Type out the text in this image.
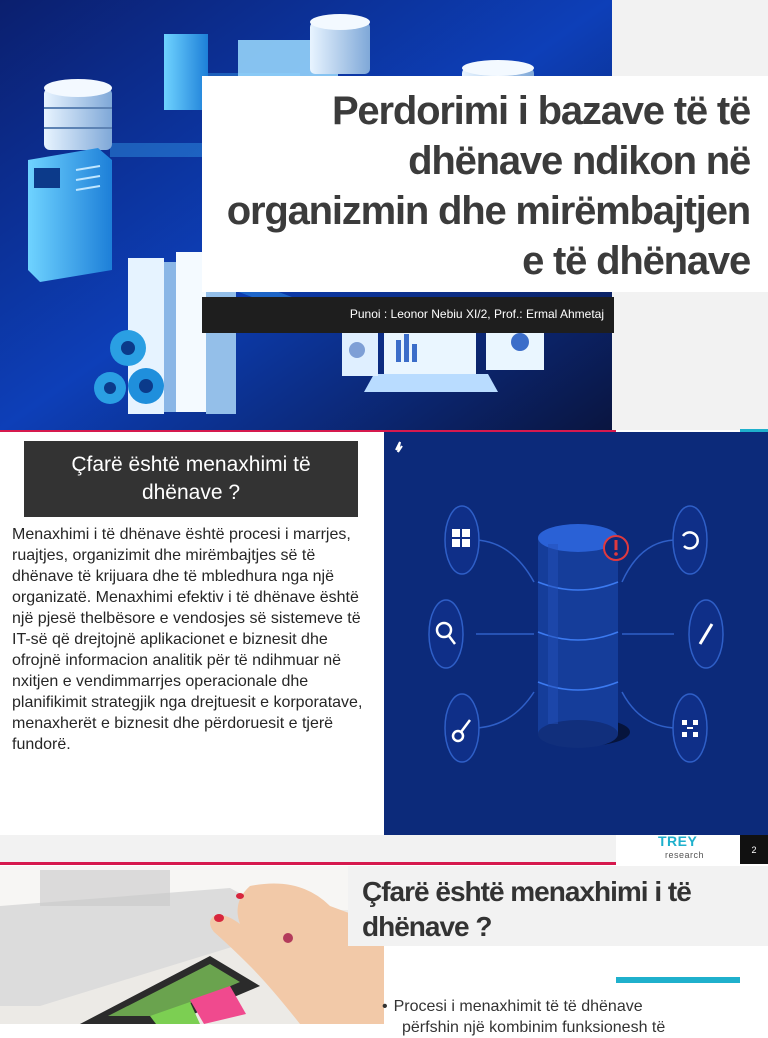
Perdorimi i bazave të të dhënave ndikon në organizmin dhe mirëmbajtjen e të dhënave

Punoi : Leonor Nebiu XI/2, Prof.: Ermal Ahmetaj

Çfarë është menaxhimi të dhënave ?

Menaxhimi i të dhënave është procesi i marrjes, ruajtjes, organizimit dhe mirëmbajtjes së të dhënave të krijuara dhe të mbledhura nga një organizatë. Menaxhimi efektiv i të dhënave është një pjesë thelbësore e vendosjes së sistemeve të IT-së që drejtojnë aplikacionet e biznesit dhe ofrojnë informacion analitik për të ndihmuar në nxitjen e vendimmarrjes operacionale dhe planifikimit strategjik nga drejtuesit e korporatave, menaxherët e biznesit dhe përdoruesit e tjerë fundorë.

TREY

research

2

Çfarë është menaxhimi i të

dhënave ?

• Procesi i menaxhimit të të dhënave

përfshin një kombinim funksionesh të
